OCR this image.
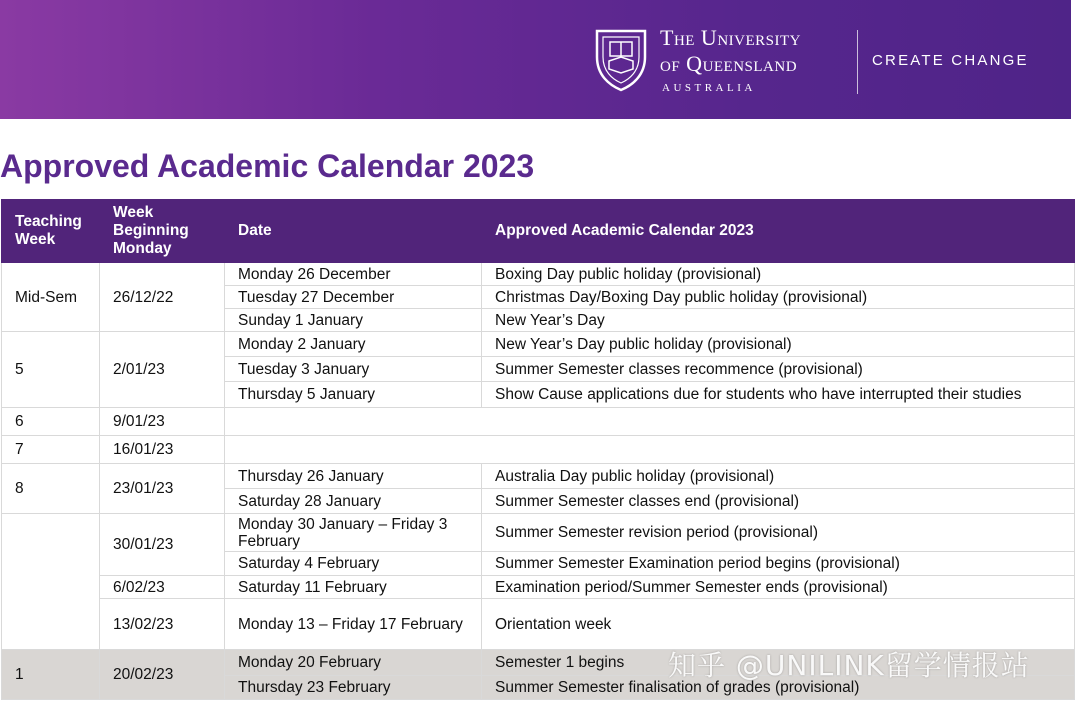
The University
of Queensland
AUSTRALIA
CREATE CHANGE
Approved Academic Calendar 2023
Teaching Week	Week Beginning Monday	Date	Approved Academic Calendar 2023
Mid-Sem	26/12/22	Monday 26 December	Boxing Day public holiday (provisional)
		Tuesday 27 December	Christmas Day/Boxing Day public holiday (provisional)
		Sunday 1 January	New Year’s Day
5	2/01/23	Monday 2 January	New Year’s Day public holiday (provisional)
		Tuesday 3 January	Summer Semester classes recommence (provisional)
		Thursday 5 January	Show Cause applications due for students who have interrupted their studies
6	9/01/23		
7	16/01/23		
8	23/01/23	Thursday 26 January	Australia Day public holiday (provisional)
		Saturday 28 January	Summer Semester classes end (provisional)
	30/01/23	Monday 30 January – Friday 3 February	Summer Semester revision period (provisional)
		Saturday 4 February	Summer Semester Examination period begins (provisional)
	6/02/23	Saturday 11 February	Examination period/Summer Semester ends (provisional)
	13/02/23	Monday 13 – Friday 17 February	Orientation week
1	20/02/23	Monday 20 February	Semester 1 begins
		Thursday 23 February	Summer Semester finalisation of grades (provisional)
知乎 @UNILINK留学情报站
